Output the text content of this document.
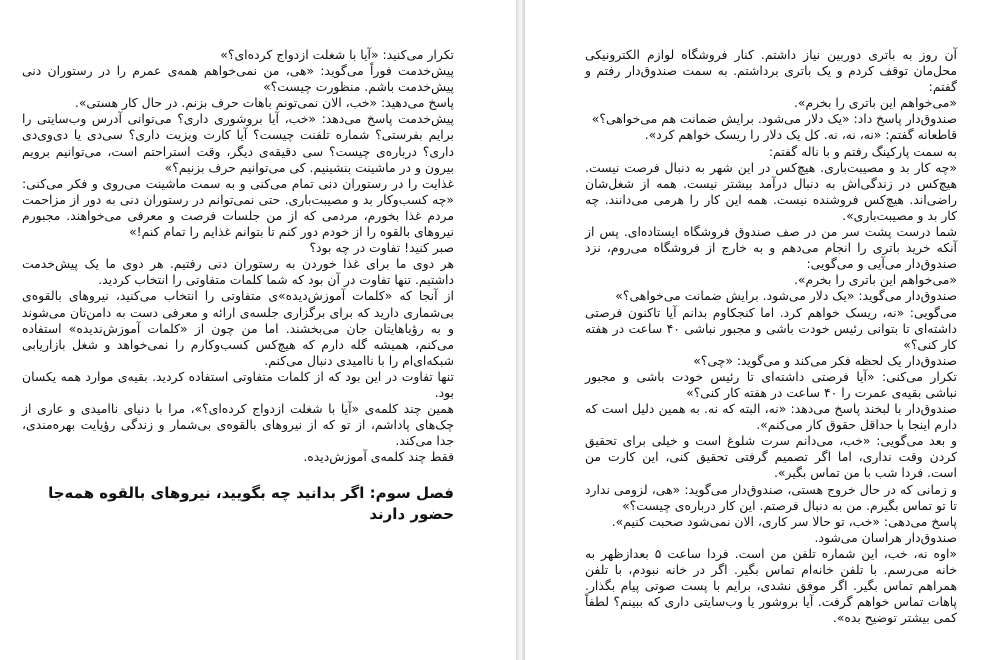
تکرار می‌کنید: «آیا با شغلت ازدواج کرده‌ای؟»

پیش‌خدمت فوراً می‌گوید: «هی، من نمی‌خواهم همه‌ی عمرم را در رستوران دنی پیش‌خدمت باشم. منظورت چیست؟»

پاسخ می‌دهید: «خب، الان نمی‌تونم باهات حرف بزنم. در حال کار هستی».

پیش‌خدمت پاسخ می‌دهد: «خب، آیا بروشوری داری؟ می‌توانی آدرس وب‌سایتی را برایم بفرستی؟ شماره تلفنت چیست؟ آیا کارت ویزیت داری؟ سی‌دی یا دی‌وی‌دی داری؟ درباره‌ی چیست؟ سی دقیقه‌ی دیگر، وقت استراحتم است، می‌توانیم برویم بیرون و در ماشینت بنشینیم. کی می‌توانیم حرف بزنیم؟»

غذایت را در رستوران دنی تمام می‌کنی و به سمت ماشینت می‌روی و فکر می‌کنی: «چه کسب‌وکار بد و مصیبت‌باری. حتی نمی‌توانم در رستوران دنی به دور از مزاحمت مردم غذا بخورم، مردمی که از من جلسات فرصت و معرفی می‌خواهند. مجبورم نیروهای بالقوه را از خودم دور کنم تا بتوانم غذایم را تمام کنم!»

صبر کنید! تفاوت در چه بود؟

هر دوی ما برای غذا خوردن به رستوران دنی رفتیم. هر دوی ما یک پیش‌خدمت داشتیم. تنها تفاوت در آن بود که شما کلمات متفاوتی را انتخاب کردید.

از آنجا که «کلمات آموزش‌دیده»ی متفاوتی را انتخاب می‌کنید، نیروهای بالقوه‌ی بی‌شماری دارید که برای برگزاری جلسه‌ی ارائه و معرفی دست به دامن‌تان می‌شوند و به رؤیاهایتان جان می‌بخشند. اما من چون از «کلمات آموزش‌ندیده» استفاده می‌کنم، همیشه گله دارم که هیچ‌کس کسب‌وکارم را نمی‌خواهد و شغل بازاریابی شبکه‌ای‌ام را با ناامیدی دنبال می‌کنم.

تنها تفاوت در این بود که از کلمات متفاوتی استفاده کردید. بقیه‌ی موارد همه یکسان بود.

همین چند کلمه‌ی «آیا با شغلت ازدواج کرده‌ای؟»، مرا با دنیای ناامیدی و عاری از چک‌های پاداشم، از تو که از نیروهای بالقوه‌ی بی‌شمار و زندگی رؤیایت بهره‌مندی، جدا می‌کند.

فقط چند کلمه‌ی آموزش‌دیده.

فصل سوم: اگر بدانید چه بگویید، نیروهای بالقوه همه‌جا حضور دارند

آن روز به باتری دوربین نیاز داشتم. کنار فروشگاه لوازم الکترونیکی محل‌مان توقف کردم و یک باتری برداشتم. به سمت صندوق‌دار رفتم و گفتم:

«می‌خواهم این باتری را بخرم».

صندوق‌دار پاسخ داد: «یک دلار می‌شود. برایش ضمانت هم می‌خواهی؟»

قاطعانه گفتم: «نه، نه، نه. کل یک دلار را ریسک خواهم کرد».

به سمت پارکینگ رفتم و با ناله گفتم:

«چه کار بد و مصیبت‌باری. هیچ‌کس در این شهر به دنبال فرصت نیست. هیچ‌کس در زندگی‌اش به دنبال درآمد بیشتر نیست. همه از شغل‌شان راضی‌اند. هیچ‌کس فروشنده نیست. همه این کار را هرمی می‌دانند. چه کار بد و مصیبت‌باری».

شما درست پشت سر من در صف صندوق فروشگاه ایستاده‌ای. پس از آنکه خرید باتری را انجام می‌دهم و به خارج از فروشگاه می‌روم، نزد صندوق‌دار می‌آیی و می‌گویی:

«می‌خواهم این باتری را بخرم».

صندوق‌دار می‌گوید: «یک دلار می‌شود. برایش ضمانت می‌خواهی؟»

می‌گویی: «نه، ریسک خواهم کرد. اما کنجکاوم بدانم آیا تاکنون فرصتی داشته‌ای تا بتوانی رئیس خودت باشی و مجبور نباشی ۴۰ ساعت در هفته کار کنی؟»

صندوق‌دار یک لحظه فکر می‌کند و می‌گوید: «چی؟»

تکرار می‌کنی: «آیا فرصتی داشته‌ای تا رئیس خودت باشی و مجبور نباشی بقیه‌ی عمرت را ۴۰ ساعت در هفته کار کنی؟»

صندوق‌دار با لبخند پاسخ می‌دهد: «نه، البته که نه. به همین دلیل است که دارم اینجا با حداقل حقوق کار می‌کنم».

و بعد می‌گویی: «خب، می‌دانم سرت شلوغ است و خیلی برای تحقیق کردن وقت نداری، اما اگر تصمیم گرفتی تحقیق کنی، این کارت من است. فردا شب با من تماس بگیر».

و زمانی که در حال خروج هستی، صندوق‌دار می‌گوید: «هی، لزومی ندارد تا تو تماس بگیرم. من به دنبال فرصتم. این کار درباره‌ی چیست؟»

پاسخ می‌دهی: «خب، تو حالا سر کاری، الان نمی‌شود صحبت کنیم».

صندوق‌دار هراسان می‌شود.

«اوه نه، خب، این شماره تلفن من است. فردا ساعت ۵ بعدازظهر به خانه می‌رسم. با تلفن خانه‌ام تماس بگیر. اگر در خانه نبودم، با تلفن همراهم تماس بگیر. اگر موفق نشدی، برایم با پست صوتی پیام بگذار. پاهات تماس خواهم گرفت. آیا بروشور یا وب‌سایتی داری که ببینم؟ لطفاً کمی بیشتر توضیح بده».
